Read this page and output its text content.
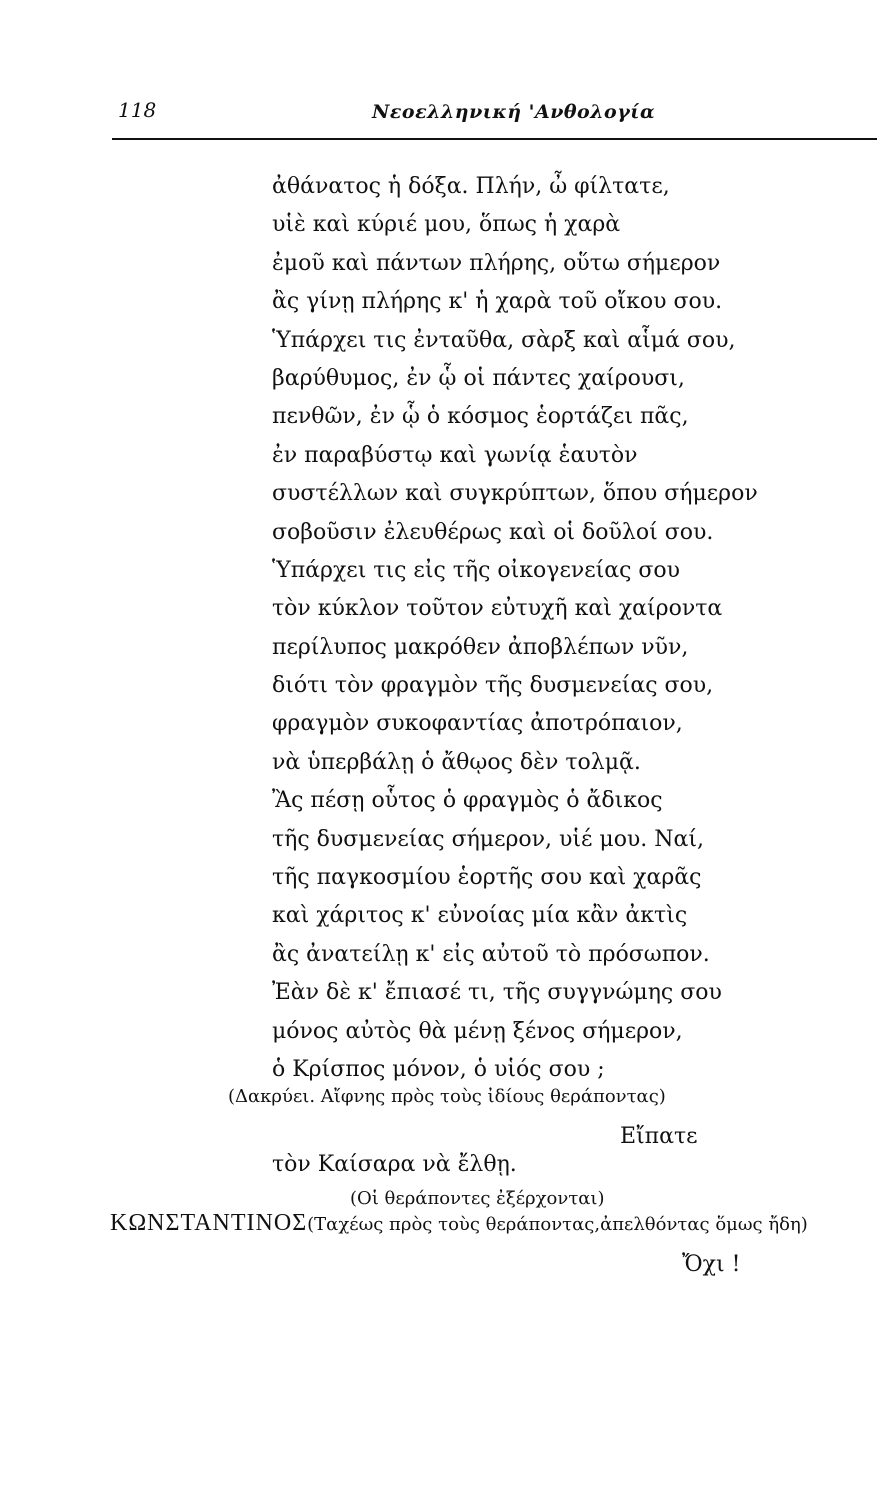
118	Νεοελληνική 'Ανθολογία
ἀθάνατος ἡ δόξα. Πλήν, ὦ φίλτατε,
υἱὲ καὶ κύριέ μου, ὅπως ἡ χαρὰ
ἐμοῦ καὶ πάντων πλήρης, οὕτω σήμερον
ἂς γίνῃ πλήρης κ' ἡ χαρὰ τοῦ οἴκου σου.
Ὑπάρχει τις ἐνταῦθα, σὰρξ καὶ αἷμά σου,
βαρύθυμος, ἐν ᾧ οἱ πάντες χαίρουσι,
πενθῶν, ἐν ᾧ ὁ κόσμος ἑορτάζει πᾶς,
ἐν παραβύστῳ καὶ γωνίᾳ ἑαυτὸν
συστέλλων καὶ συγκρύπτων, ὅπου σήμερον
σοβοῦσιν ἐλευθέρως καὶ οἱ δοῦλοί σου.
Ὑπάρχει τις εἰς τῆς οἰκογενείας σου
τὸν κύκλον τοῦτον εὐτυχῆ καὶ χαίροντα
περίλυπος μακρόθεν ἀποβλέπων νῦν,
διότι τὸν φραγμὸν τῆς δυσμενείας σου,
φραγμὸν συκοφαντίας ἀποτρόπαιον,
νὰ ὑπερβάλῃ ὁ ἄθῳος δὲν τολμᾷ.
Ἂς πέσῃ οὗτος ὁ φραγμὸς ὁ ἄδικος
τῆς δυσμενείας σήμερον, υἱέ μου. Ναί,
τῆς παγκοσμίου ἑορτῆς σου καὶ χαρᾶς
καὶ χάριτος κ' εὐνοίας μία κἂν ἀκτὶς
ἂς ἀνατείλῃ κ' εἰς αὐτοῦ τὸ πρόσωπον.
Ἐὰν δὲ κ' ἔπιασέ τι, τῆς συγγνώμης σου
μόνος αὐτὸς θὰ μένῃ ξένος σήμερον,
ὁ Κρίσπος μόνον, ὁ υἱός σου ;
(Δακρύει. Αἴφνης πρὸς τοὺς ἰδίους θεράποντας)
Εἴπατε
τὸν Καίσαρα νὰ ἔλθῃ.
(Οἱ θεράποντες ἐξέρχονται)
ΚΩΝΣΤΑΝΤΙΝΟΣ(Ταχέως πρὸς τοὺς θεράποντας,ἀπελθόντας ὅμως ἤδη)
Ὄχι !
